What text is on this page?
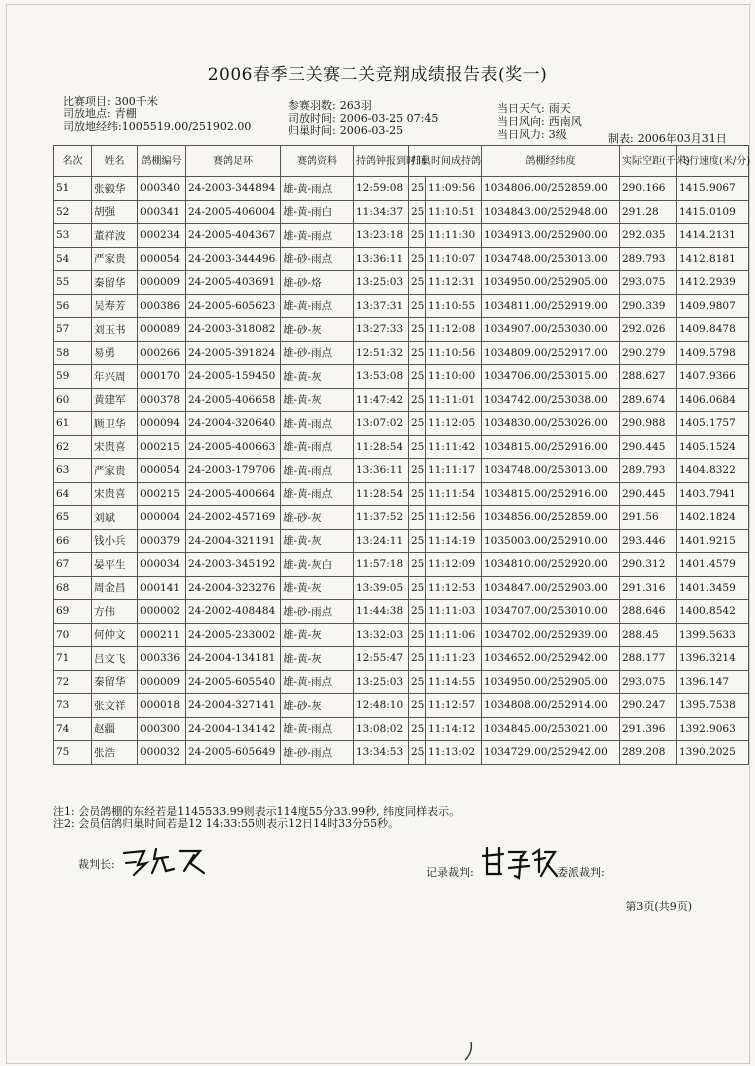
2006春季三关赛二关竞翔成绩报告表(奖一)
比赛项目: 300千米
司放地点: 青棚
司放地经纬:1005519.00/251902.00
参赛羽数: 263羽
司放时间: 2006-03-25 07:45
归巢时间: 2006-03-25
当日天气: 雨天
当日风向: 西南风
当日风力: 3级	制表: 2006年03月31日
名次	姓名	鸽棚编号	赛鸽足环	赛鸽资料	持鸽钟报到时间	归巢时间成持鸽		鸽棚经纬度	实际空距(千米)	飞行速度(米/分)
51	张毅华	000340	24-2003-344894	雄-黄-雨点	12:59:08	25	11:09:56	1034806.00/252859.00	290.166	1415.9067
52	胡强	000341	24-2005-406004	雄-黄-雨白	11:34:37	25	11:10:51	1034843.00/252948.00	291.28	1415.0109
53	董祥波	000234	24-2005-404367	雄-黄-雨点	13:23:18	25	11:11:30	1034913.00/252900.00	292.035	1414.2131
54	严家贵	000054	24-2003-344496	雄-砂-雨点	13:36:11	25	11:10:07	1034748.00/253013.00	289.793	1412.8181
55	秦留华	000009	24-2005-403691	雄-砂-烙	13:25:03	25	11:12:31	1034950.00/252905.00	293.075	1412.2939
56	吴寿芳	000386	24-2005-605623	雄-黄-雨点	13:37:31	25	11:10:55	1034811.00/252919.00	290.339	1409.9807
57	刘玉书	000089	24-2003-318082	雄-砂-灰	13:27:33	25	11:12:08	1034907.00/253030.00	292.026	1409.8478
58	易勇	000266	24-2005-391824	雄-砂-雨点	12:51:32	25	11:10:56	1034809.00/252917.00	290.279	1409.5798
59	年兴周	000170	24-2005-159450	雄-黄-灰	13:53:08	25	11:10:00	1034706.00/253015.00	288.627	1407.9366
60	黄建军	000378	24-2005-406658	雄-黄-灰	11:47:42	25	11:11:01	1034742.00/253038.00	289.674	1406.0684
61	顾卫华	000094	24-2004-320640	雄-黄-雨点	13:07:02	25	11:12:05	1034830.00/253026.00	290.988	1405.1757
62	宋贵喜	000215	24-2005-400663	雄-黄-雨点	11:28:54	25	11:11:42	1034815.00/252916.00	290.445	1405.1524
63	严家贵	000054	24-2003-179706	雄-黄-雨点	13:36:11	25	11:11:17	1034748.00/253013.00	289.793	1404.8322
64	宋贵喜	000215	24-2005-400664	雄-黄-雨点	11:28:54	25	11:11:54	1034815.00/252916.00	290.445	1403.7941
65	刘斌	000004	24-2002-457169	雄-砂-灰	11:37:52	25	11:12:56	1034856.00/252859.00	291.56	1402.1824
66	钱小兵	000379	24-2004-321191	雄-黄-灰	13:24:11	25	11:14:19	1035003.00/252910.00	293.446	1401.9215
67	晏平生	000034	24-2003-345192	雄-黄-灰白	11:57:18	25	11:12:09	1034810.00/252920.00	290.312	1401.4579
68	周金昌	000141	24-2004-323276	雄-黄-灰	13:39:05	25	11:12:53	1034847.00/252903.00	291.316	1401.3459
69	方伟	000002	24-2002-408484	雄-砂-雨点	11:44:38	25	11:11:03	1034707.00/253010.00	288.646	1400.8542
70	何仲文	000211	24-2005-233002	雄-黄-灰	13:32:03	25	11:11:06	1034702.00/252939.00	288.45	1399.5633
71	吕文飞	000336	24-2004-134181	雄-黄-灰	12:55:47	25	11:11:23	1034652.00/252942.00	288.177	1396.3214
72	秦留华	000009	24-2005-605540	雄-黄-雨点	13:25:03	25	11:14:55	1034950.00/252905.00	293.075	1396.147
73	张文祥	000018	24-2004-327141	雄-砂-灰	12:48:10	25	11:12:57	1034808.00/252914.00	290.247	1395.7538
74	赵疆	000300	24-2004-134142	雄-黄-雨点	13:08:02	25	11:14:12	1034845.00/253021.00	291.396	1392.9063
75	张浩	000032	24-2005-605649	雄-砂-雨点	13:34:53	25	11:13:02	1034729.00/252942.00	289.208	1390.2025
注1: 会员鸽棚的东经若是1145533.99则表示114度55分33.99秒, 纬度同样表示。
注2: 会员信鸽归巢时间若是12 14:33:55则表示12日14时33分55秒。
裁判长:
记录裁判:	委派裁判:
第3页(共9页)
